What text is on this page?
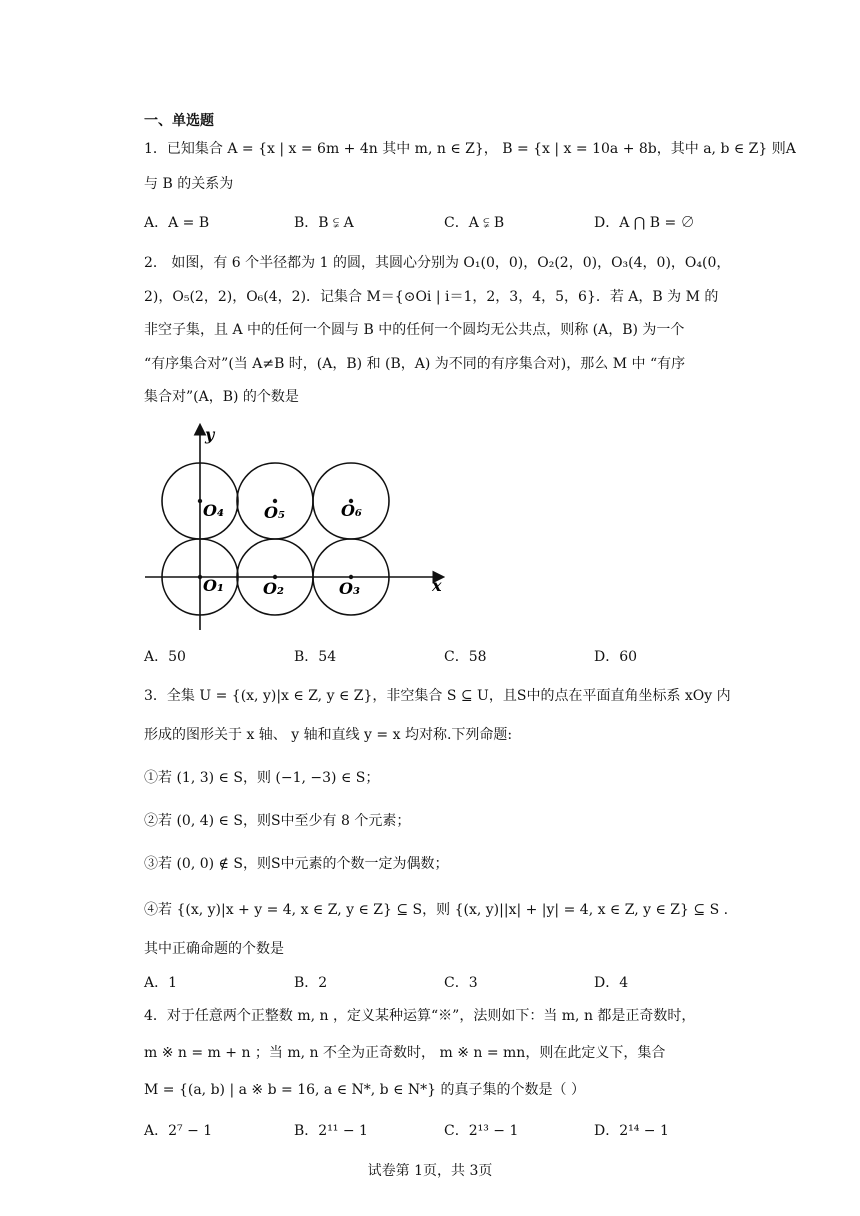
一、单选题
1．已知集合 A = {x | x = 6m + 4n 其中 m, n ∈ Z}， B = {x | x = 10a + 8b，其中 a, b ∈ Z} 则A
与 B 的关系为
A．A = B	B．B ⫋ A	C．A ⫋ B	D．A ⋂ B = ∅
2． 如图，有 6 个半径都为 1 的圆，其圆心分别为 O₁(0，0)，O₂(2，0)，O₃(4，0)，O₄(0，
2)，O₅(2，2)，O₆(4，2)．记集合 M＝{⊙Oi | i＝1，2，3，4，5，6}．若 A，B 为 M 的
非空子集，且 A 中的任何一个圆与 B 中的任何一个圆均无公共点，则称 (A，B) 为一个
“有序集合对”(当 A≠B 时，(A，B) 和 (B，A) 为不同的有序集合对)，那么 M 中 “有序
集合对”(A，B) 的个数是
y
x
O₁ O₂	O₃
O₄	O₅	O₆
A．50	B．54	C．58	D．60
3．全集 U = {(x, y)|x ∈ Z, y ∈ Z}，非空集合 S ⊆ U，且S中的点在平面直角坐标系 xOy 内
形成的图形关于 x 轴、 y 轴和直线 y = x 均对称.下列命题:
①若 (1, 3) ∈ S，则 (−1, −3) ∈ S；
②若 (0, 4) ∈ S，则S中至少有 8 个元素；
③若 (0, 0) ∉ S，则S中元素的个数一定为偶数；
④若 {(x, y)|x + y = 4, x ∈ Z, y ∈ Z} ⊆ S，则 {(x, y)||x| + |y| = 4, x ∈ Z, y ∈ Z} ⊆ S .
其中正确命题的个数是
A．1	B．2	C．3	D．4
4．对于任意两个正整数 m, n ，定义某种运算“※”，法则如下：当 m, n 都是正奇数时，
m ※ n = m + n ；当 m, n 不全为正奇数时， m ※ n = mn，则在此定义下，集合
M = {(a, b) | a ※ b = 16, a ∈ N*, b ∈ N*} 的真子集的个数是（ ）
A．2⁷ − 1	B．2¹¹ − 1	C．2¹³ − 1	D．2¹⁴ − 1
试卷第 1页，共 3页
